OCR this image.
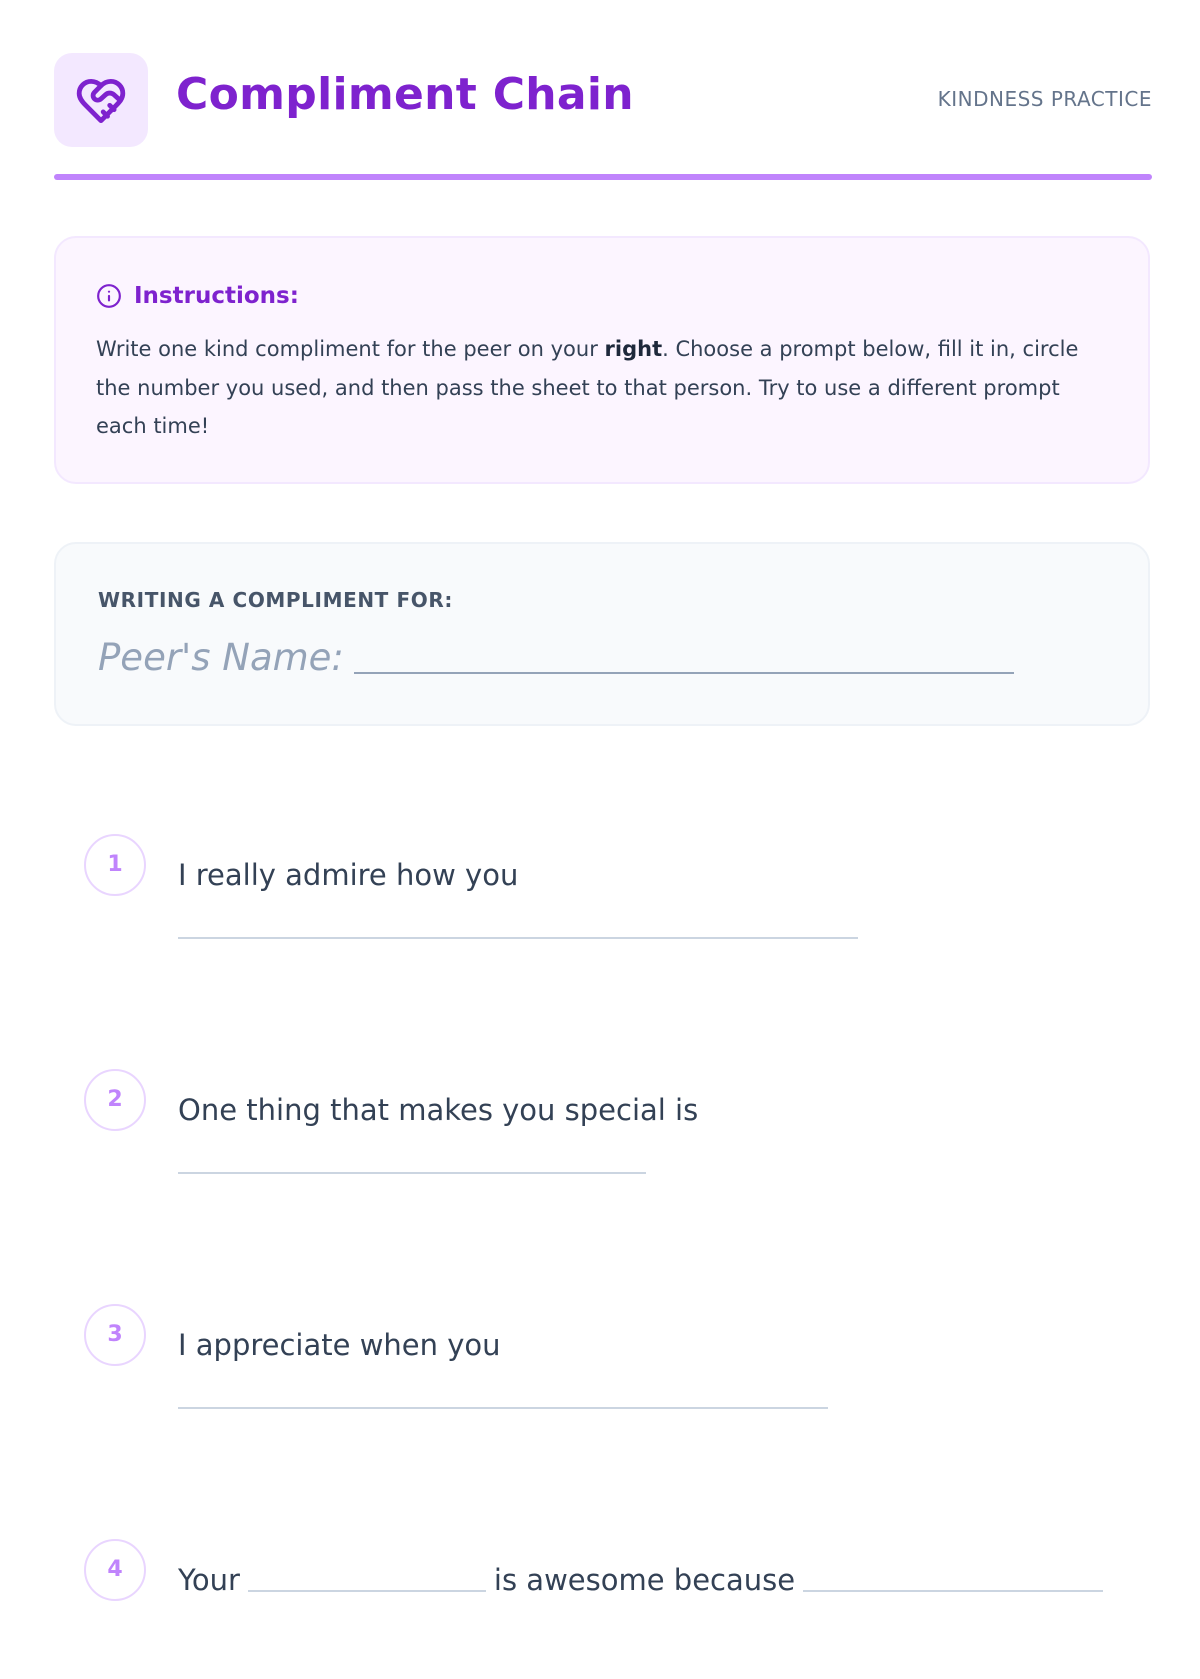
Compliment Chain	KINDNESS PRACTICE
Instructions:
Write one kind compliment for the peer on your right. Choose a prompt below, fill it in, circle the number you used, and then pass the sheet to that person. Try to use a different prompt each time!
WRITING A COMPLIMENT FOR:
Peer's Name:
1	I really admire how you
2	One thing that makes you special is
3	I appreciate when you
4	Your	is awesome because
